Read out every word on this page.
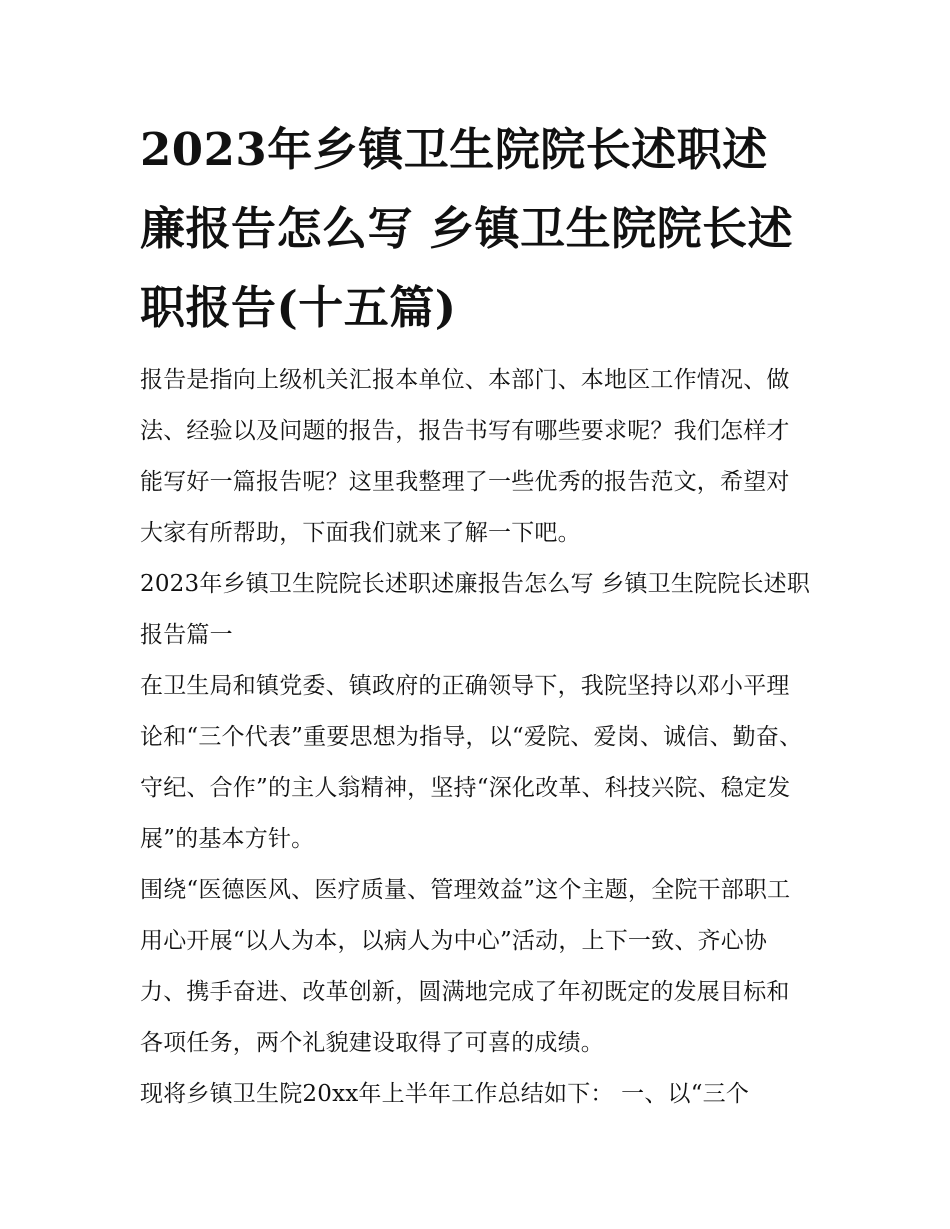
2023年乡镇卫生院院长述职述廉报告怎么写 乡镇卫生院院长述职报告(十五篇)

报告是指向上级机关汇报本单位、本部门、本地区工作情况、做法、经验以及问题的报告，报告书写有哪些要求呢？我们怎样才能写好一篇报告呢？这里我整理了一些优秀的报告范文，希望对大家有所帮助，下面我们就来了解一下吧。

2023年乡镇卫生院院长述职述廉报告怎么写 乡镇卫生院院长述职报告篇一

在卫生局和镇党委、镇政府的正确领导下，我院坚持以邓小平理论和“三个代表”重要思想为指导，以“爱院、爱岗、诚信、勤奋、守纪、合作”的主人翁精神，坚持“深化改革、科技兴院、稳定发展”的基本方针。

围绕“医德医风、医疗质量、管理效益”这个主题，全院干部职工用心开展“以人为本，以病人为中心”活动，上下一致、齐心协力、携手奋进、改革创新，圆满地完成了年初既定的发展目标和各项任务，两个礼貌建设取得了可喜的成绩。

现将乡镇卫生院20xx年上半年工作总结如下： 一、以“三个
